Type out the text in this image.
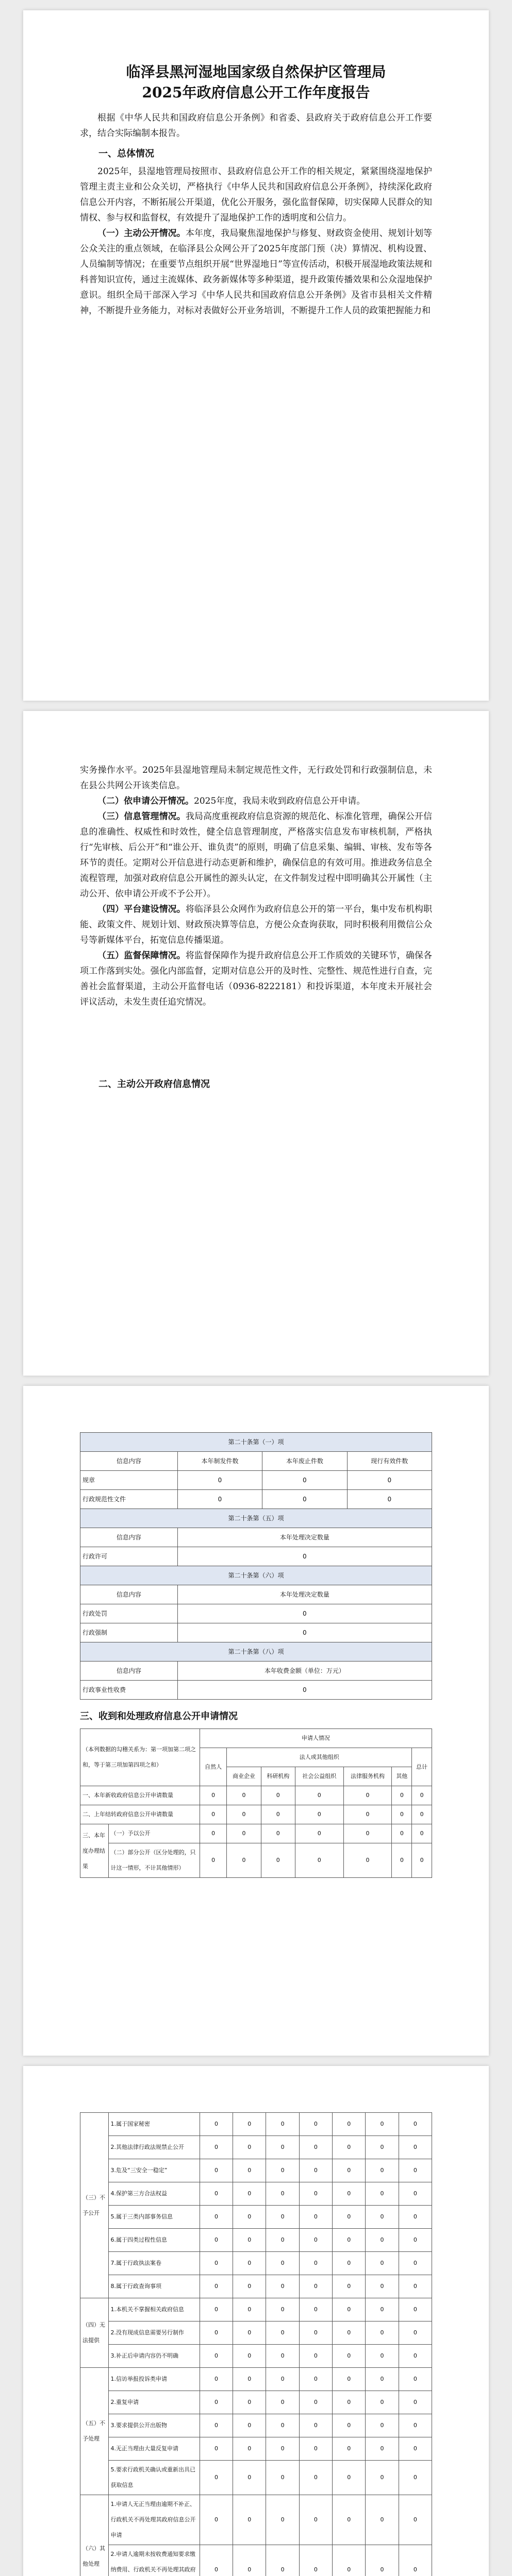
临泽县黑河湿地国家级自然保护区管理局

2025年政府信息公开工作年度报告

根据《中华人民共和国政府信息公开条例》和省委、县政府关于政府信息公开工作要求，结合实际编制本报告。

一、总体情况

2025年，县湿地管理局按照市、县政府信息公开工作的相关规定，紧紧围绕湿地保护管理主责主业和公众关切，严格执行《中华人民共和国政府信息公开条例》，持续深化政府信息公开内容，不断拓展公开渠道，优化公开服务，强化监督保障，切实保障人民群众的知情权、参与权和监督权，有效提升了湿地保护工作的透明度和公信力。

（一）主动公开情况。本年度，我局聚焦湿地保护与修复、财政资金使用、规划计划等公众关注的重点领域，在临泽县公众网公开了2025年度部门预（决）算情况、机构设置、人员编制等情况；在重要节点组织开展“世界湿地日”等宣传活动，积极开展湿地政策法规和科普知识宣传，通过主流媒体、政务新媒体等多种渠道，提升政策传播效果和公众湿地保护意识。组织全局干部深入学习《中华人民共和国政府信息公开条例》及省市县相关文件精神，不断提升业务能力，对标对表做好公开业务培训，不断提升工作人员的政策把握能力和

实务操作水平。2025年县湿地管理局未制定规范性文件，无行政处罚和行政强制信息，未在县公共网公开该类信息。

（二）依申请公开情况。2025年度，我局未收到政府信息公开申请。

（三）信息管理情况。我局高度重视政府信息资源的规范化、标准化管理，确保公开信息的准确性、权威性和时效性，健全信息管理制度，严格落实信息发布审核机制，严格执行“先审核、后公开”和“谁公开、谁负责”的原则，明确了信息采集、编辑、审核、发布等各环节的责任。定期对公开信息进行动态更新和维护，确保信息的有效可用。推进政务信息全流程管理，加强对政府信息公开属性的源头认定，在文件制发过程中即明确其公开属性（主动公开、依申请公开或不予公开）。

（四）平台建设情况。将临泽县公众网作为政府信息公开的第一平台，集中发布机构职能、政策文件、规划计划、财政预决算等信息，方便公众查询获取，同时积极利用微信公众号等新媒体平台，拓宽信息传播渠道。

（五）监督保障情况。将监督保障作为提升政府信息公开工作质效的关键环节，确保各项工作落到实处。强化内部监督，定期对信息公开的及时性、完整性、规范性进行自查，完善社会监督渠道，主动公开监督电话（0936-8222181）和投诉渠道，本年度未开展社会评议活动，未发生责任追究情况。

二、主动公开政府信息情况

第二十条第（一）项			
信息内容	本年制发件数	本年废止件数	现行有效件数
规章	0	0	0
行政规范性文件	0	0	0
第二十条第（五）项			
信息内容	本年处理决定数量		
行政许可	0		
第二十条第（六）项			
信息内容	本年处理决定数量		
行政处罚	0		
行政强制	0		
第二十条第（八）项			
信息内容	本年收费金额（单位：万元）		
行政事业性收费	0		

三、收到和处理政府信息公开申请情况

（本列数据的勾稽关系为：第一项加第二项之和，等于第三项加第四项之和）		申请人情况						
		自然人	法人或其他组织					总计
			商业企业	科研机构	社会公益组织	法律服务机构	其他	
一、本年新收政府信息公开申请数量		0	0	0	0	0	0	0
二、上年结转政府信息公开申请数量		0	0	0	0	0	0	0
三、本年度办理结果	（一）予以公开	0	0	0	0	0	0	0
	（二）部分公开（区分处理的，只计这一情形，不计其他情形）	0	0	0	0	0	0	0
（三）不予公开	1.属于国家秘密	0	0	0	0	0	0	0
	2.其他法律行政法规禁止公开	0	0	0	0	0	0	0
	3.危及“三安全一稳定”	0	0	0	0	0	0	0
	4.保护第三方合法权益	0	0	0	0	0	0	0
	5.属于三类内部事务信息	0	0	0	0	0	0	0
	6.属于四类过程性信息	0	0	0	0	0	0	0
	7.属于行政执法案卷	0	0	0	0	0	0	0
	8.属于行政查询事项	0	0	0	0	0	0	0
（四）无法提供	1.本机关不掌握相关政府信息	0	0	0	0	0	0	0
	2.没有现成信息需要另行制作	0	0	0	0	0	0	0
	3.补正后申请内容仍不明确	0	0	0	0	0	0	0
（五）不予处理	1.信访举报投诉类申请	0	0	0	0	0	0	0
	2.重复申请	0	0	0	0	0	0	0
	3.要求提供公开出版物	0	0	0	0	0	0	0
	4.无正当理由大量反复申请	0	0	0	0	0	0	0
	5.要求行政机关确认或重新出具已获取信息	0	0	0	0	0	0	0
（六）其他处理	1.申请人无正当理由逾期不补正、行政机关不再处理其政府信息公开申请	0	0	0	0	0	0	0
	2.申请人逾期未按收费通知要求缴纳费用、行政机关不再处理其政府	0	0	0	0	0	0	0
